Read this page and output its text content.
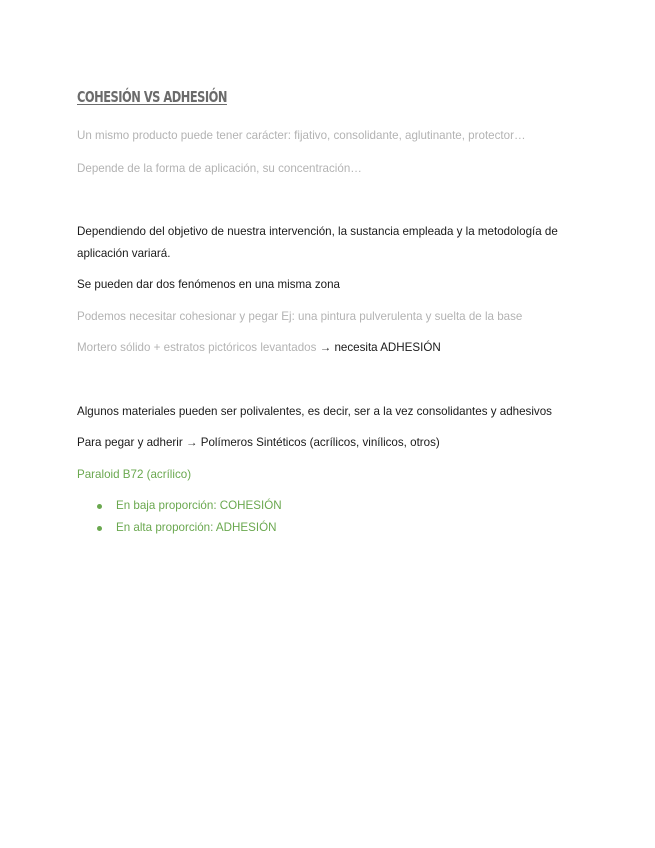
COHESIÓN VS ADHESIÓN

Un mismo producto puede tener carácter: fijativo, consolidante, aglutinante, protector…

Depende de la forma de aplicación, su concentración…

Dependiendo del objetivo de nuestra intervención, la sustancia empleada y la metodología de aplicación variará.

Se pueden dar dos fenómenos en una misma zona

Podemos necesitar cohesionar y pegar Ej: una pintura pulverulenta y suelta de la base

Mortero sólido + estratos pictóricos levantados → necesita ADHESIÓN

Algunos materiales pueden ser polivalentes, es decir, ser a la vez consolidantes y adhesivos

Para pegar y adherir → Polímeros Sintéticos (acrílicos, vinílicos, otros)

Paraloid B72 (acrílico)

En baja proporción: COHESIÓN
En alta proporción: ADHESIÓN
